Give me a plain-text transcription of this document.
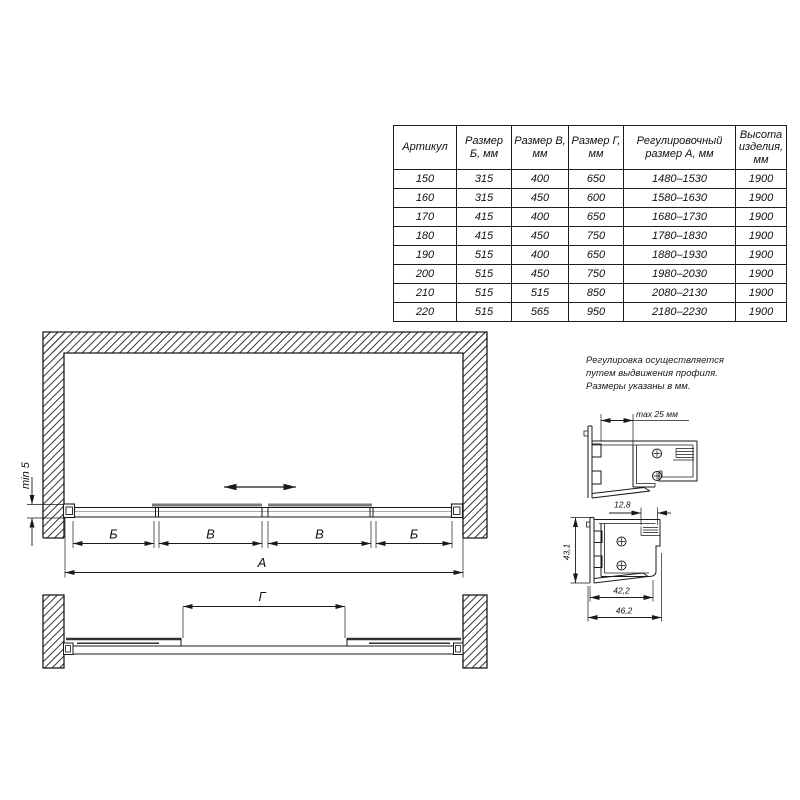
min 5
Б	В	В	Б
А
Г
max 25 мм
12,8
43,1
42,2
46,2
Артикул	Размер Б, мм	Размер В, мм	Размер Г, мм	Регулировочный размер А, мм	Высота изделия, мм
150	315	400	650	1480–1530	1900
160	315	450	600	1580–1630	1900
170	415	400	650	1680–1730	1900
180	415	450	750	1780–1830	1900
190	515	400	650	1880–1930	1900
200	515	450	750	1980–2030	1900
210	515	515	850	2080–2130	1900
220	515	565	950	2180–2230	1900
Регулировка осуществляется
путем выдвижения профиля.
Размеры указаны в мм.
